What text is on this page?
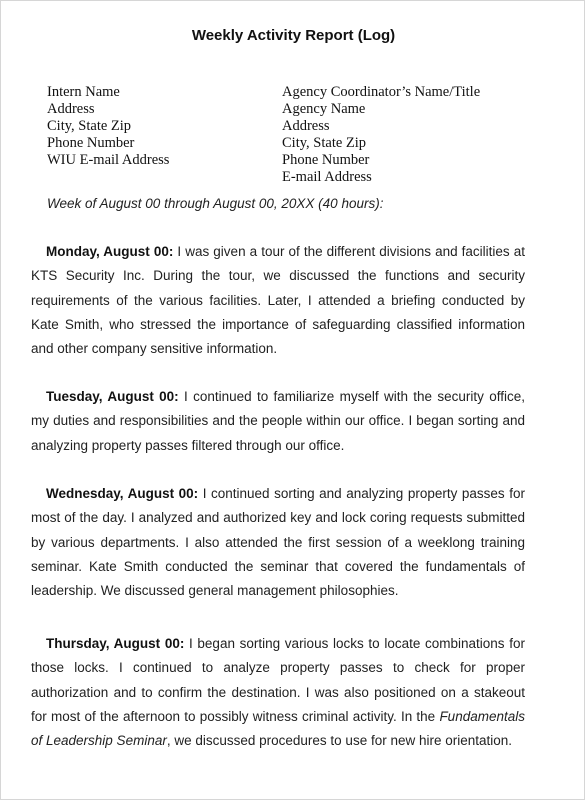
Weekly Activity Report (Log)
Intern Name
Address
City, State Zip
Phone Number
WIU E-mail Address
Agency Coordinator’s Name/Title
Agency Name
Address
City, State Zip
Phone Number
E-mail Address
Week of August 00 through August 00, 20XX (40 hours):

Monday, August 00: I was given a tour of the different divisions and facilities at KTS Security Inc. During the tour, we discussed the functions and security requirements of the various facilities. Later, I attended a briefing conducted by Kate Smith, who stressed the importance of safeguarding classified information and other company sensitive information.

Tuesday, August 00: I continued to familiarize myself with the security office, my duties and responsibilities and the people within our office. I began sorting and analyzing property passes filtered through our office.

Wednesday, August 00: I continued sorting and analyzing property passes for most of the day. I analyzed and authorized key and lock coring requests submitted by various departments. I also attended the first session of a weeklong training seminar. Kate Smith conducted the seminar that covered the fundamentals of leadership. We discussed general management philosophies.

Thursday, August 00: I began sorting various locks to locate combinations for those locks. I continued to analyze property passes to check for proper authorization and to confirm the destination. I was also positioned on a stakeout for most of the afternoon to possibly witness criminal activity. In the Fundamentals of Leadership Seminar, we discussed procedures to use for new hire orientation.
